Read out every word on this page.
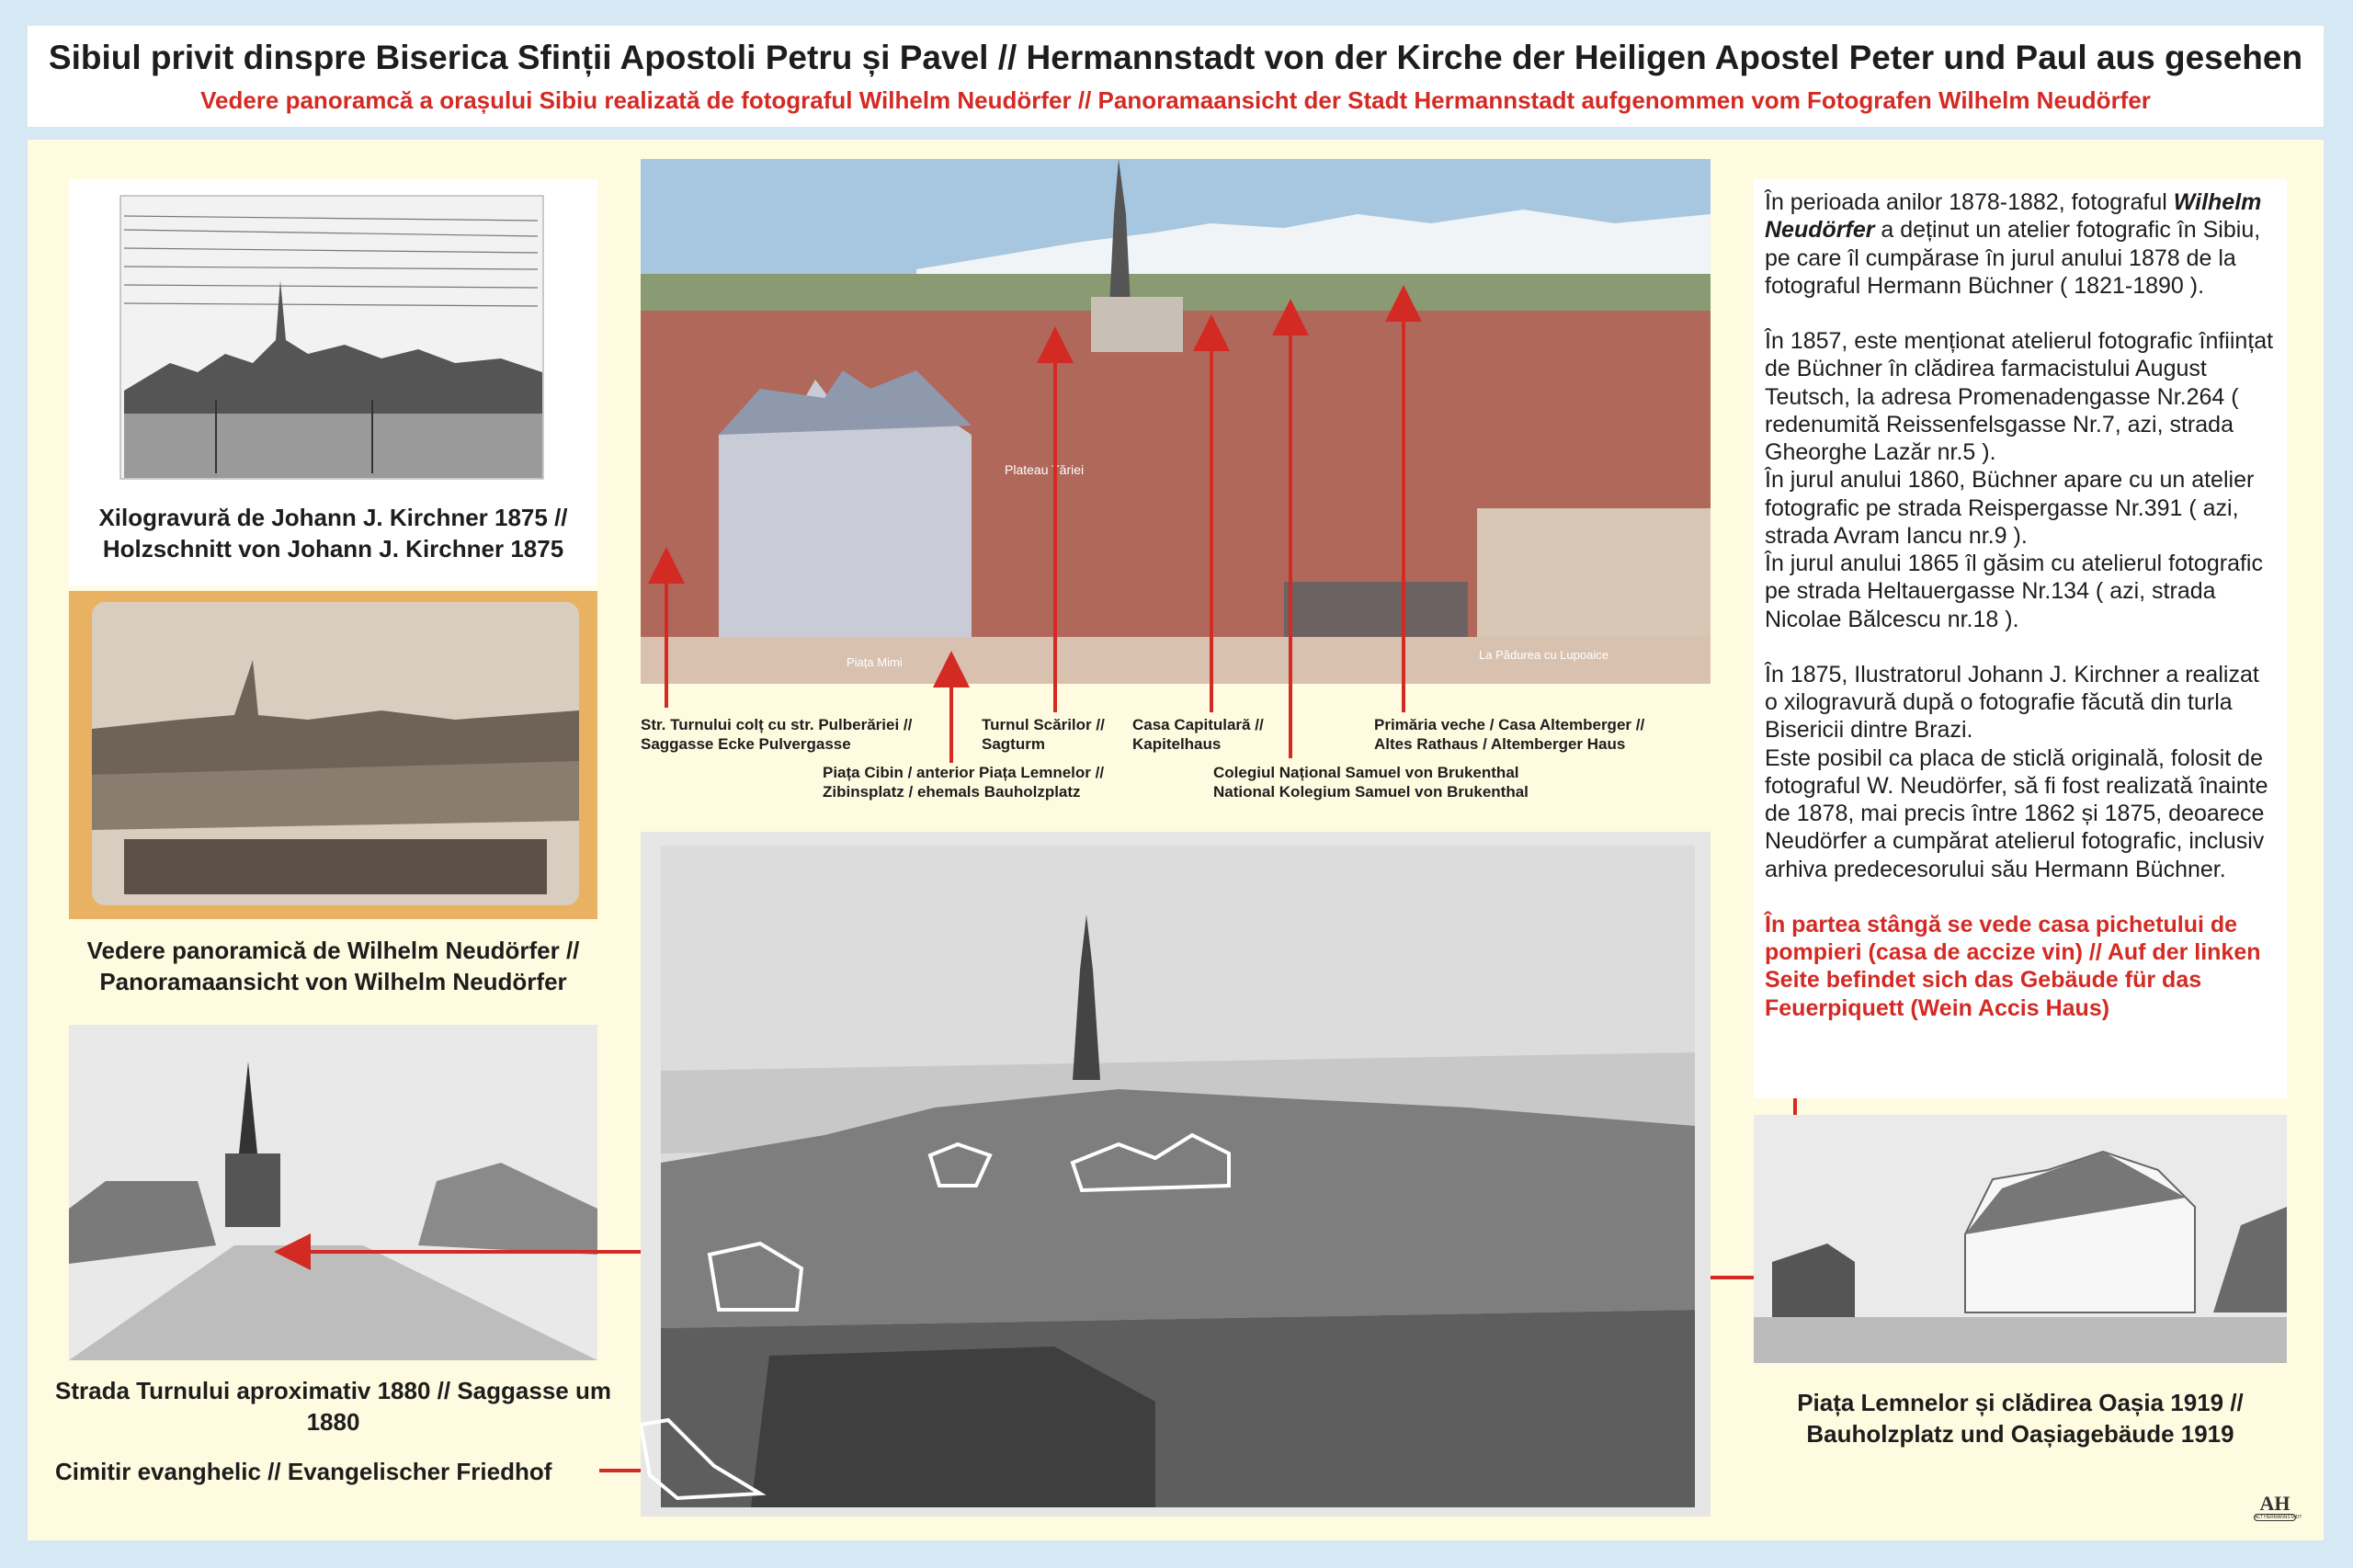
Sibiul privit dinspre Biserica Sfinții Apostoli Petru și Pavel // Hermannstadt von der Kirche der Heiligen Apostel Peter und Paul aus gesehen
Vedere panoramcă a orașului Sibiu realizată de fotograful Wilhelm Neudörfer // Panoramaansicht der Stadt Hermannstadt aufgenommen vom Fotografen Wilhelm Neudörfer
Xilogravură de Johann J. Kirchner 1875 // Holzschnitt von Johann J. Kirchner 1875
Vedere panoramică de Wilhelm Neudörfer // Panoramaansicht von Wilhelm Neudörfer
Strada Turnului aproximativ 1880 // Saggasse um 1880
Cimitir evanghelic // Evangelischer Friedhof
Plateau Tăriei
Piața Mimi
La Pădurea cu Lupoaice
Str. Turnului colț cu str. Pulberăriei //
Saggasse Ecke Pulvergasse
Piața Cibin / anterior Piața Lemnelor //
Zibinsplatz / ehemals Bauholzplatz
Turnul Scărilor //
Sagturm
Casa Capitulară //
Kapitelhaus
Colegiul Național Samuel von Brukenthal
National Kolegium Samuel von Brukenthal
Primăria veche / Casa Altemberger //
Altes Rathaus / Altemberger Haus

În perioada anilor 1878-1882, fotograful Wilhelm Neudörfer a deținut un atelier fotografic în Sibiu, pe care îl cumpărase în jurul anului 1878 de la fotograful Hermann Büchner ( 1821-1890 ).

În 1857, este menționat atelierul fotografic înființat de Büchner în clădirea farmacistului August Teutsch, la adresa Promenadengasse Nr.264 ( redenumită Reissenfelsgasse Nr.7, azi, strada Gheorghe Lazăr nr.5 ).

În jurul anului 1860, Büchner apare cu un atelier fotografic pe strada Reispergasse Nr.391 ( azi, strada Avram Iancu nr.9 ).

În jurul anului 1865 îl găsim cu atelierul fotografic pe strada Heltauergasse Nr.134 ( azi, strada Nicolae Bălcescu nr.18 ).

În 1875, Ilustratorul Johann J. Kirchner a realizat o xilogravură după o fotografie făcută din turla Bisericii dintre Brazi.

Este posibil ca placa de sticlă originală, folosit de fotograful W. Neudörfer, să fi fost realizată înainte de 1878, mai precis între 1862 și 1875, deoarece Neudörfer a cumpărat atelierul fotografic, inclusiv arhiva predecesorului său Hermann Büchner.

În partea stângă se vede casa pichetului de pompieri (casa de accize vin) // Auf der linken Seite befindet sich das Gebäude für das Feuerpiquett (Wein Accis Haus)

Piața Lemnelor și clădirea Oașia 1919 // Bauholzplatz und Oașiagebäude 1919
AH
ALT HERMANNSTADT
